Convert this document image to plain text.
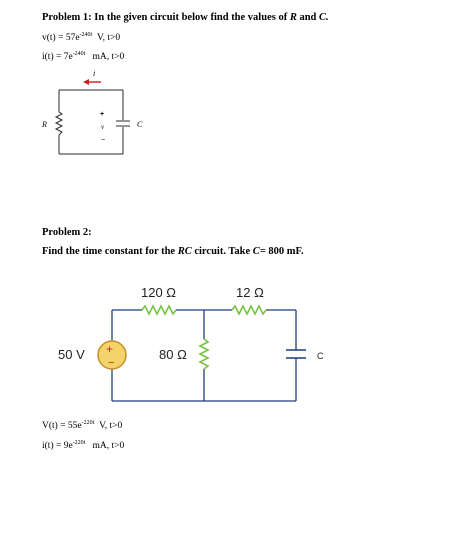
Problem 1: In the given circuit below find the values of R and C.
$v(t) = 57e^{-240t}$ V, t>0
$i(t) = 7e^{-240t}$ mA, t>0
i
R	C
+
v
−
Problem 2:
Find the time constant for the RC circuit. Take C= 800 mF.
120 Ω	12 Ω
50 V	80 Ω	C
+
−
$V(t) = 55e^{-220t}$ V, t>0
$i(t) = 9e^{-220t}$ mA, t>0
